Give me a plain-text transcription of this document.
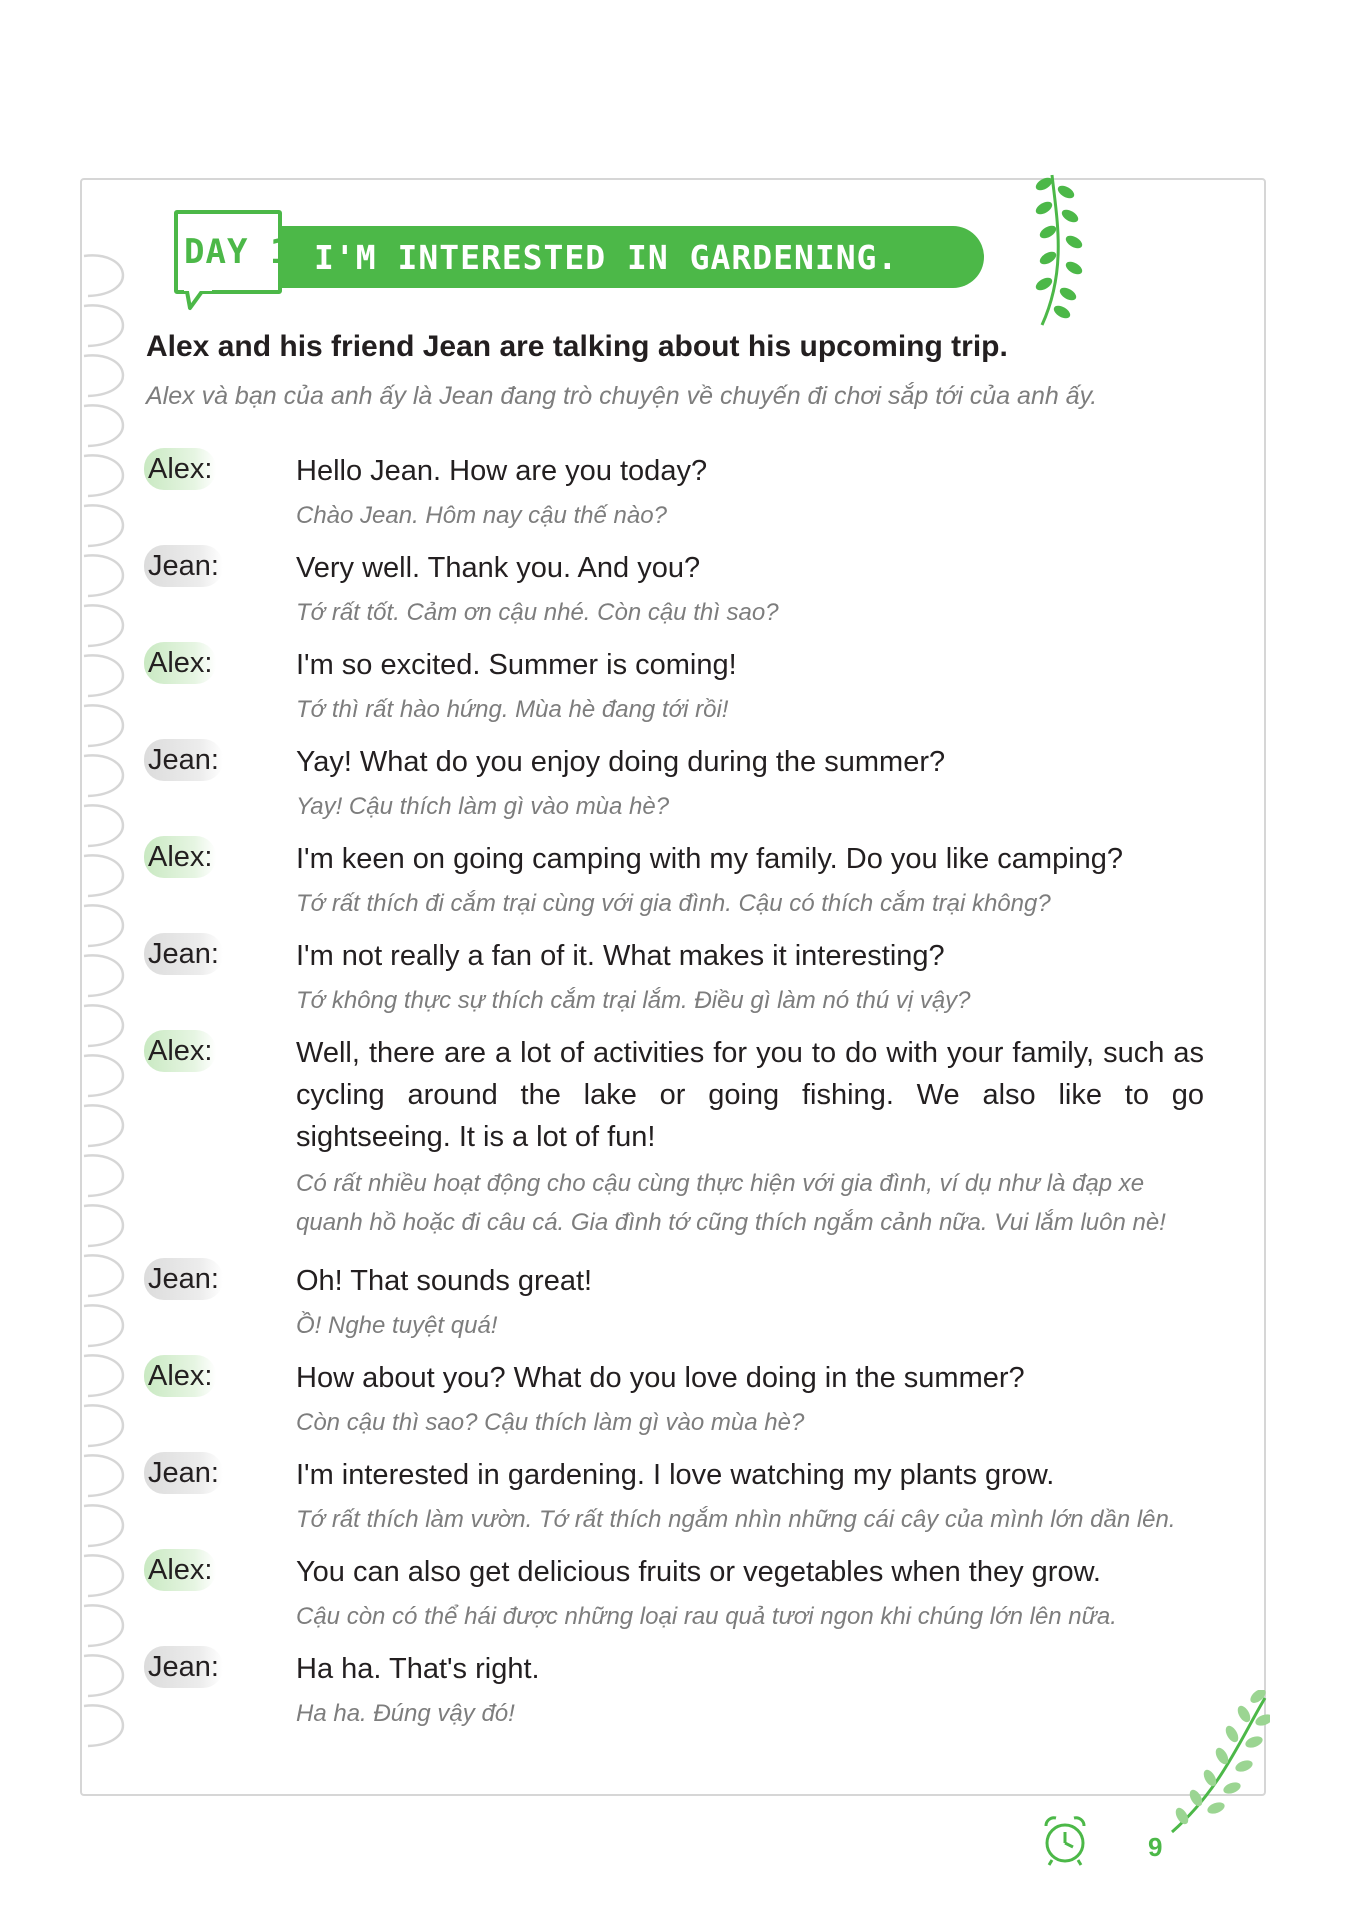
DAY 1 I'M INTERESTED IN GARDENING.
Alex and his friend Jean are talking about his upcoming trip.
Alex và bạn của anh ấy là Jean đang trò chuyện về chuyến đi chơi sắp tới của anh ấy.
Alex:	Hello Jean. How are you today?
Chào Jean. Hôm nay cậu thế nào?
Jean:	Very well. Thank you. And you?
Tớ rất tốt. Cảm ơn cậu nhé. Còn cậu thì sao?
Alex:	I'm so excited. Summer is coming!
Tớ thì rất hào hứng. Mùa hè đang tới rồi!
Jean:	Yay! What do you enjoy doing during the summer?
Yay! Cậu thích làm gì vào mùa hè?
Alex:	I'm keen on going camping with my family. Do you like camping?
Tớ rất thích đi cắm trại cùng với gia đình. Cậu có thích cắm trại không?
Jean:	I'm not really a fan of it. What makes it interesting?
Tớ không thực sự thích cắm trại lắm. Điều gì làm nó thú vị vậy?
Alex:	Well, there are a lot of activities for you to do with your family, such as cycling around the lake or going fishing. We also like to go sightseeing. It is a lot of fun!
Có rất nhiều hoạt động cho cậu cùng thực hiện với gia đình, ví dụ như là đạp xe quanh hồ hoặc đi câu cá. Gia đình tớ cũng thích ngắm cảnh nữa. Vui lắm luôn nè!
Jean:	Oh! That sounds great!
Ồ! Nghe tuyệt quá!
Alex:	How about you? What do you love doing in the summer?
Còn cậu thì sao? Cậu thích làm gì vào mùa hè?
Jean:	I'm interested in gardening. I love watching my plants grow.
Tớ rất thích làm vườn. Tớ rất thích ngắm nhìn những cái cây của mình lớn dần lên.
Alex:	You can also get delicious fruits or vegetables when they grow.
Cậu còn có thể hái được những loại rau quả tươi ngon khi chúng lớn lên nữa.
Jean:	Ha ha. That's right.
Ha ha. Đúng vậy đó!
9
